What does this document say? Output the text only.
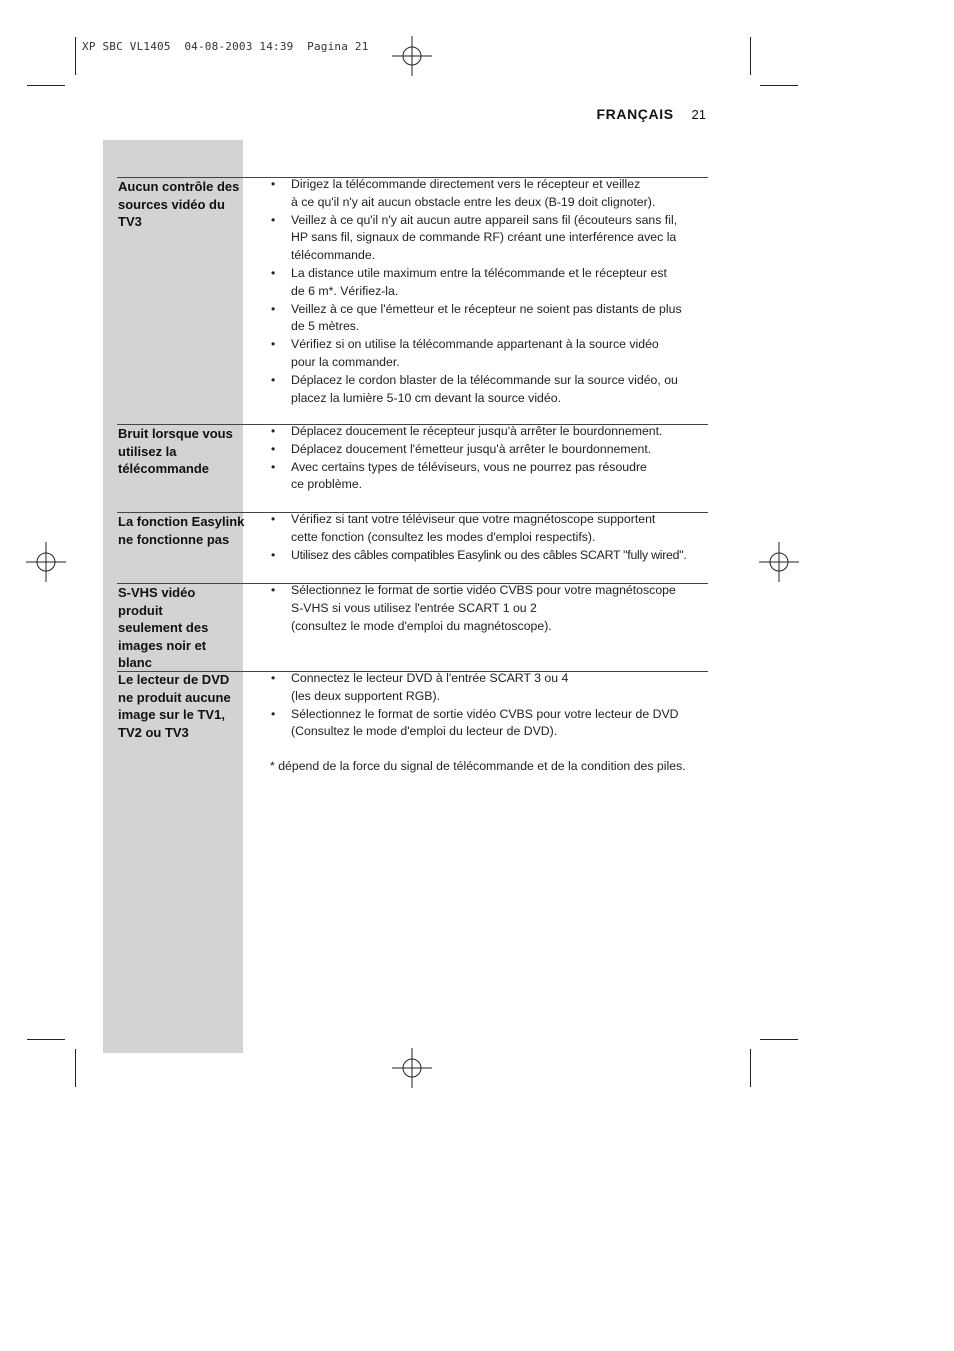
XP SBC VL1405  04-08-2003 14:39  Pagina 21
FRANÇAIS 21
Aucun contrôle des sources vidéo du TV3
• Dirigez la télécommande directement vers le récepteur et veillez
à ce qu'il n'y ait aucun obstacle entre les deux (B-19 doit clignoter).
• Veillez à ce qu'il n'y ait aucun autre appareil sans fil (écouteurs sans fil,
HP sans fil, signaux de commande RF) créant une interférence avec la
télécommande.
• La distance utile maximum entre la télécommande et le récepteur est
de 6 m*. Vérifiez-la.
• Veillez à ce que l'émetteur et le récepteur ne soient pas distants de plus
de 5 mètres.
• Vérifiez si on utilise la télécommande appartenant à la source vidéo
pour la commander.
• Déplacez le cordon blaster de la télécommande sur la source vidéo, ou
placez la lumière 5-10 cm devant la source vidéo.
Bruit lorsque vous utilisez la télécommande
• Déplacez doucement le récepteur jusqu'à arrêter le bourdonnement.
• Déplacez doucement l'émetteur jusqu'à arrêter le bourdonnement.
• Avec certains types de téléviseurs, vous ne pourrez pas résoudre
ce problème.
La fonction Easylink ne fonctionne pas
• Vérifiez si tant votre téléviseur que votre magnétoscope supportent
cette fonction (consultez les modes d'emploi respectifs).
• Utilisez des câbles compatibles Easylink ou des câbles SCART "fully wired".
S-VHS vidéo produit seulement des images noir et blanc
• Sélectionnez le format de sortie vidéo CVBS pour votre magnétoscope
S-VHS si vous utilisez l'entrée SCART 1 ou 2
(consultez le mode d'emploi du magnétoscope).
Le lecteur de DVD ne produit aucune image sur le TV1, TV2 ou TV3
• Connectez le lecteur DVD à l'entrée SCART 3 ou 4
(les deux supportent RGB).
• Sélectionnez le format de sortie vidéo CVBS pour votre lecteur de DVD
(Consultez le mode d'emploi du lecteur de DVD).
* dépend de la force du signal de télécommande et de la condition des piles.
